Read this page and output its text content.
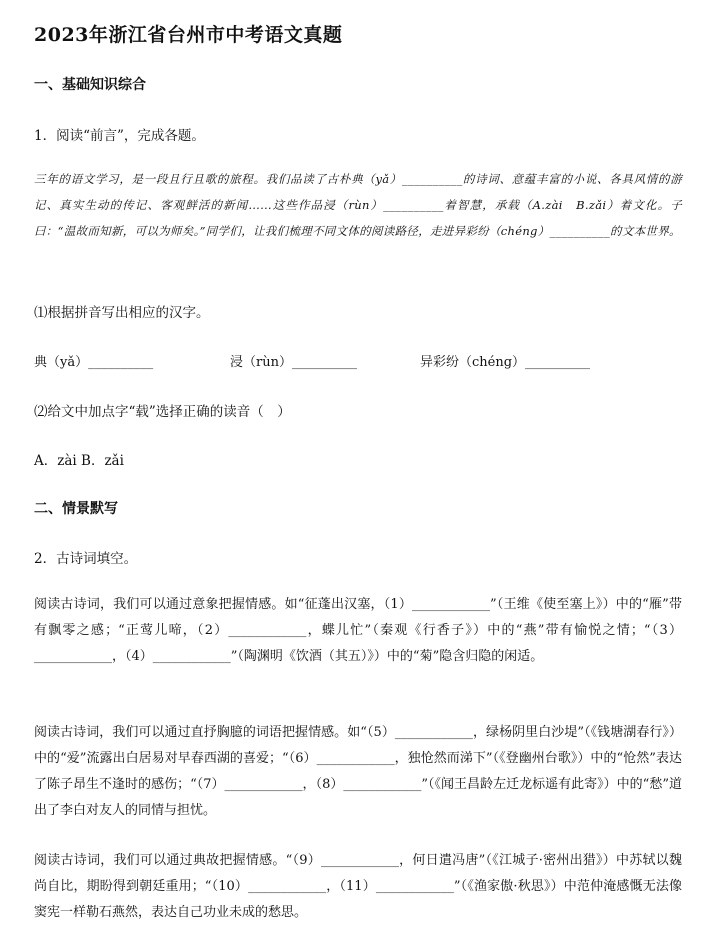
2023年浙江省台州市中考语文真题
一、基础知识综合
1．阅读“前言”，完成各题。
三年的语文学习，是一段且行且歌的旅程。我们品读了古朴典（yǎ）__________的诗词、意蕴丰富的小说、各具风情的游记、真实生动的传记、客观鲜活的新闻……这些作品浸（rùn）__________着智慧，承载（A.zài　B.zǎi）着文化。子曰：“温故而知新，可以为师矣。”同学们，让我们梳理不同文体的阅读路径，走进异彩纷（chéng）__________的文本世界。
⑴根据拼音写出相应的汉字。
典（yǎ）__________	浸（rùn）__________	异彩纷（chéng）__________
⑵给文中加点字“载”选择正确的读音（　）
A．zài B．zǎi
二、情景默写
2．古诗词填空。
阅读古诗词，我们可以通过意象把握情感。如“征蓬出汉塞，（1）____________”（王维《使至塞上》）中的“雁”带有飘零之感；“正莺儿啼，（2）____________，蝶儿忙”（秦观《行香子》）中的“燕”带有愉悦之情；“（3）____________，（4）____________”（陶渊明《饮酒（其五）》）中的“菊”隐含归隐的闲适。
阅读古诗词，我们可以通过直抒胸臆的词语把握情感。如“（5）____________，绿杨阴里白沙堤”（《钱塘湖春行》）中的“爱”流露出白居易对早春西湖的喜爱；“（6）____________，独怆然而涕下”（《登幽州台歌》）中的“怆然”表达了陈子昂生不逢时的感伤；“（7）____________，（8）____________”（《闻王昌龄左迁龙标遥有此寄》）中的“愁”道出了李白对友人的同情与担忧。
阅读古诗词，我们可以通过典故把握情感。“（9）____________，何日遣冯唐”（《江城子·密州出猎》）中苏轼以魏尚自比，期盼得到朝廷重用；“（10）____________，（11）____________”（《渔家傲·秋思》）中范仲淹感慨无法像窦宪一样勒石燕然，表达自己功业未成的愁思。
